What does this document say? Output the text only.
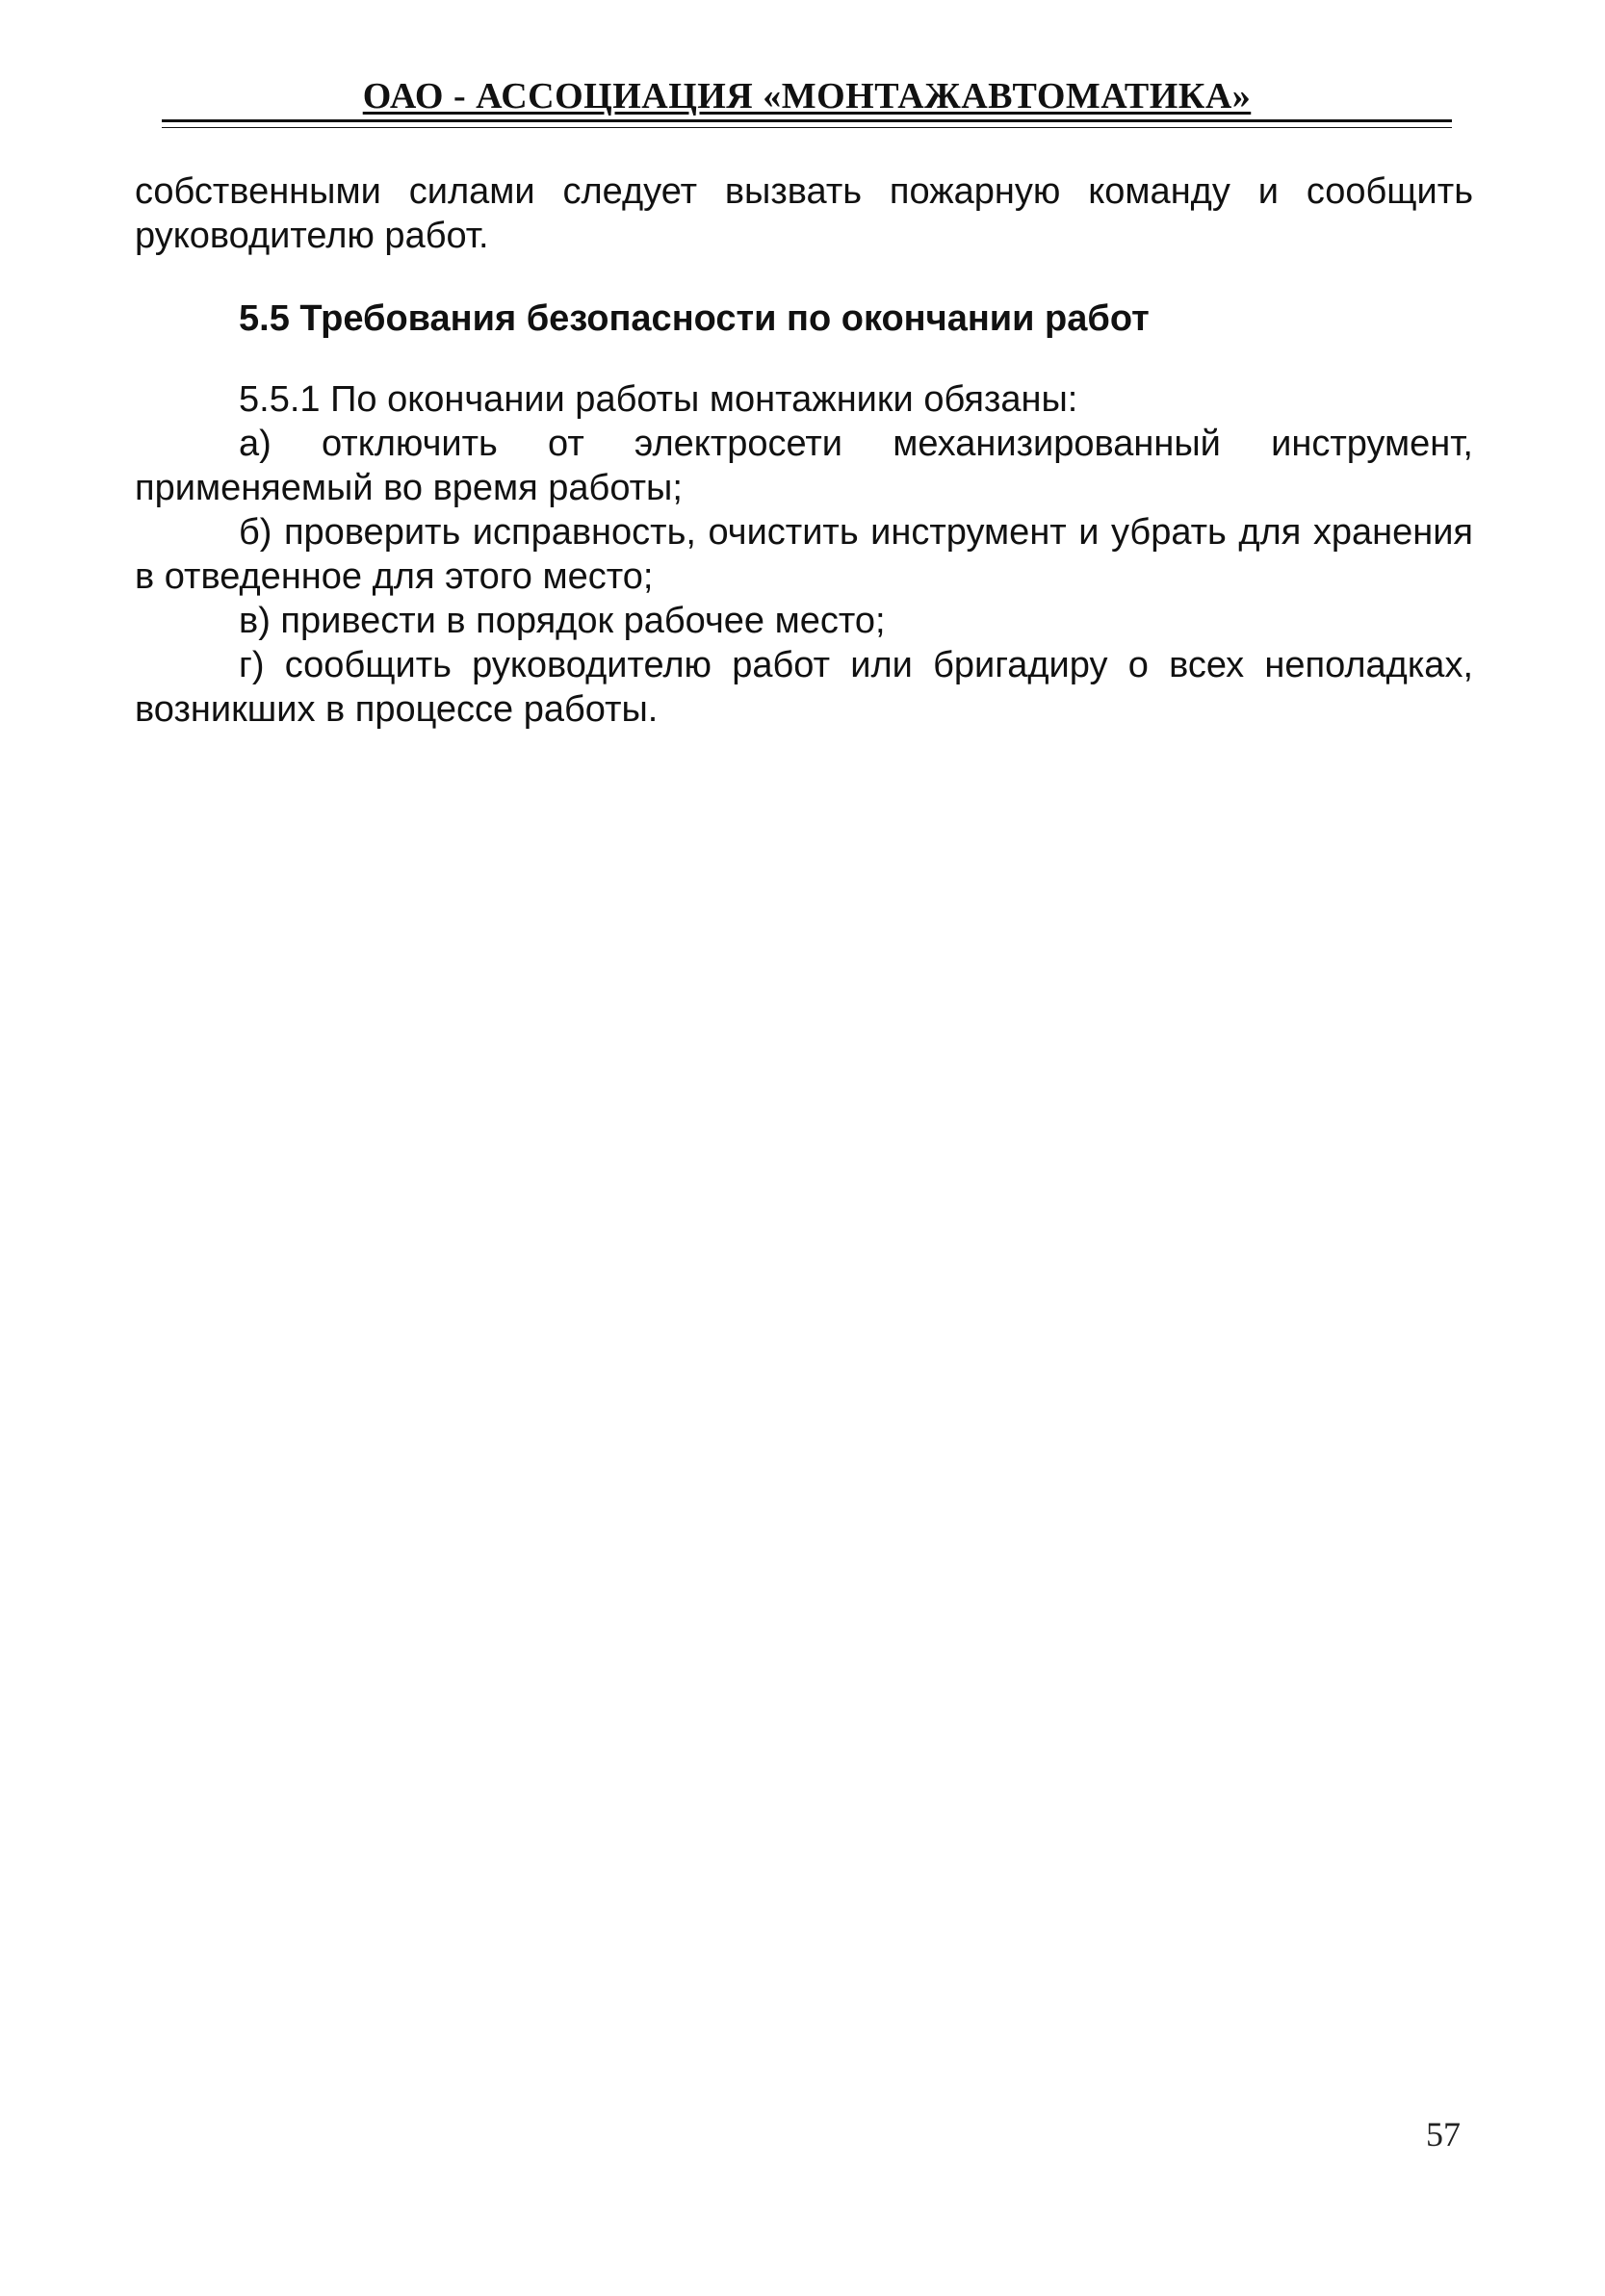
ОАО - АССОЦИАЦИЯ «МОНТАЖАВТОМАТИКА»

собственными силами следует вызвать пожарную команду и сообщить руководителю работ.

5.5 Требования безопасности по окончании работ

5.5.1 По окончании работы монтажники обязаны:

а) отключить от электросети механизированный инструмент, применяемый во время работы;

б) проверить исправность, очистить инструмент и убрать для хранения в отведенное для этого место;

в) привести в порядок рабочее место;

г) сообщить руководителю работ или бригадиру о всех неполадках, возникших в процессе работы.

57
